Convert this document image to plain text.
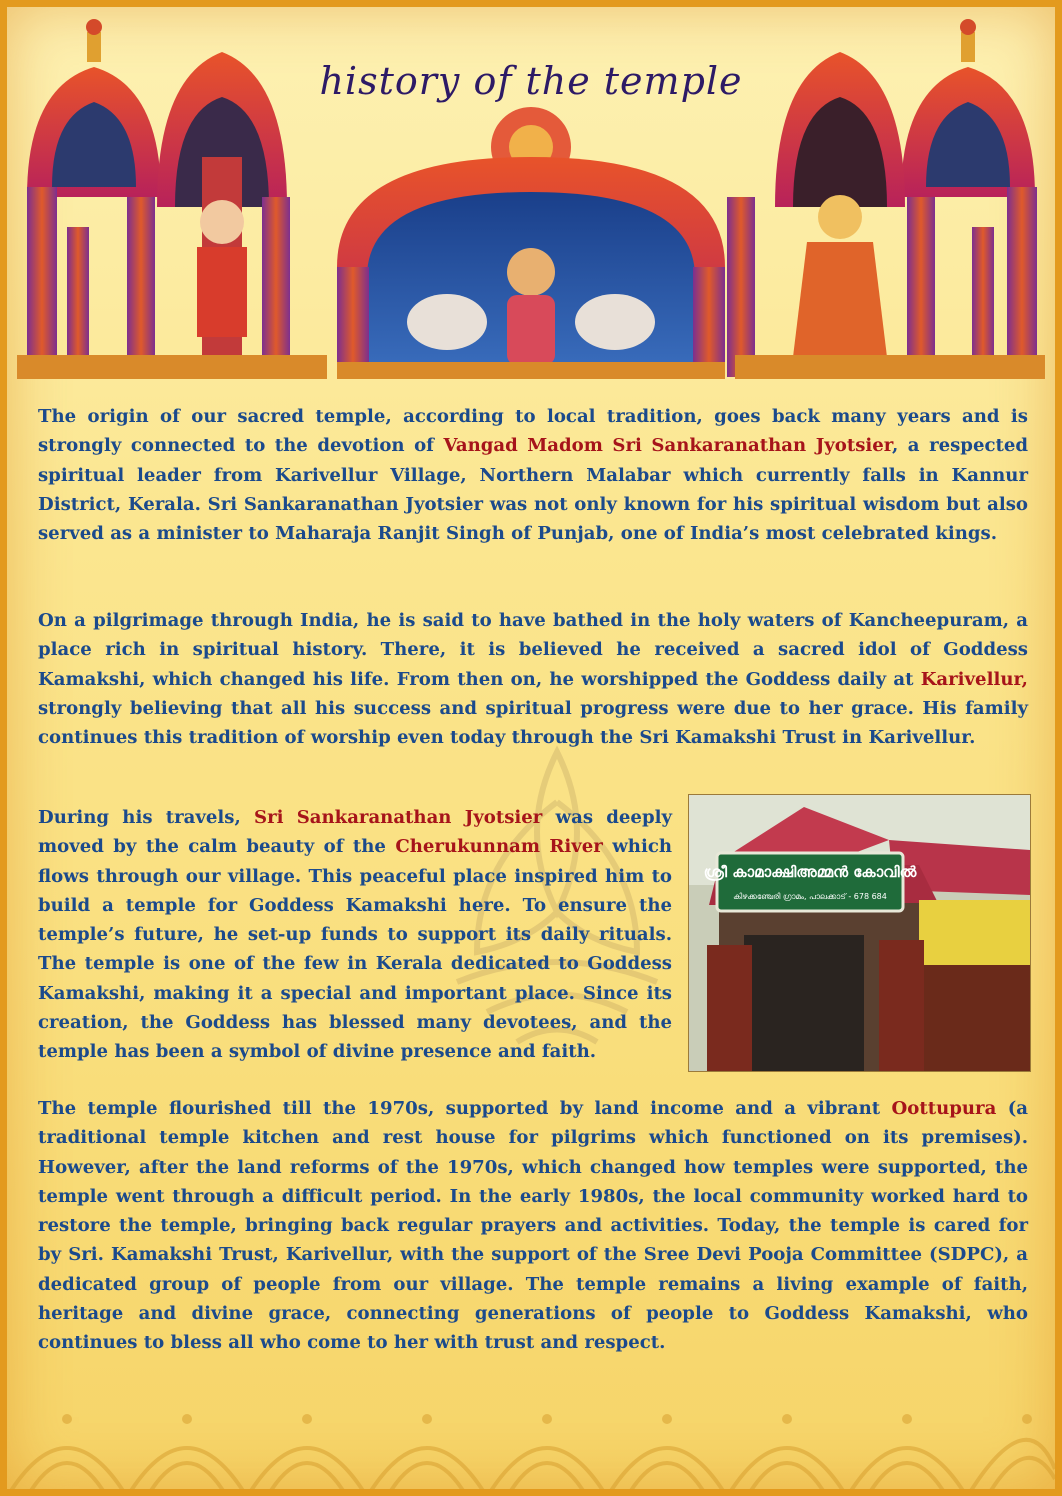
history of the temple

The origin of our sacred temple, according to local tradition, goes back many years and is strongly connected to the devotion of Vangad Madom Sri Sankaranathan Jyotsier, a respected spiritual leader from Karivellur Village, Northern Malabar which currently falls in Kannur District, Kerala. Sri Sankaranathan Jyotsier was not only known for his spiritual wisdom but also served as a minister to Maharaja Ranjit Singh of Punjab, one of India’s most celebrated kings.

On a pilgrimage through India, he is said to have bathed in the holy waters of Kancheepuram, a place rich in spiritual history. There, it is believed he received a sacred idol of Goddess Kamakshi, which changed his life. From then on, he worshipped the Goddess daily at Karivellur, strongly believing that all his success and spiritual progress were due to her grace. His family continues this tradition of worship even today through the Sri Kamakshi Trust in Karivellur.

During his travels, Sri Sankaranathan Jyotsier was deeply moved by the calm beauty of the Cherukunnam River which flows through our village. This peaceful place inspired him to build a temple for Goddess Kamakshi here. To ensure the temple’s future, he set-up funds to support its daily rituals. The temple is one of the few in Kerala dedicated to Goddess Kamakshi, making it a special and important place. Since its creation, the Goddess has blessed many devotees, and the temple has been a symbol of divine presence and faith.

ശ്രീ കാമാക്ഷിഅമ്മൻ കോവിൽ
കിഴക്കഞ്ചേരി ഗ്രാമം, പാലക്കാട് - 678 684

The temple flourished till the 1970s, supported by land income and a vibrant Oottupura (a traditional temple kitchen and rest house for pilgrims which functioned on its premises). However, after the land reforms of the 1970s, which changed how temples were supported, the temple went through a difficult period. In the early 1980s, the local community worked hard to restore the temple, bringing back regular prayers and activities. Today, the temple is cared for by Sri. Kamakshi Trust, Karivellur, with the support of the Sree Devi Pooja Committee (SDPC), a dedicated group of people from our village. The temple remains a living example of faith, heritage and divine grace, connecting generations of people to Goddess Kamakshi, who continues to bless all who come to her with trust and respect.
